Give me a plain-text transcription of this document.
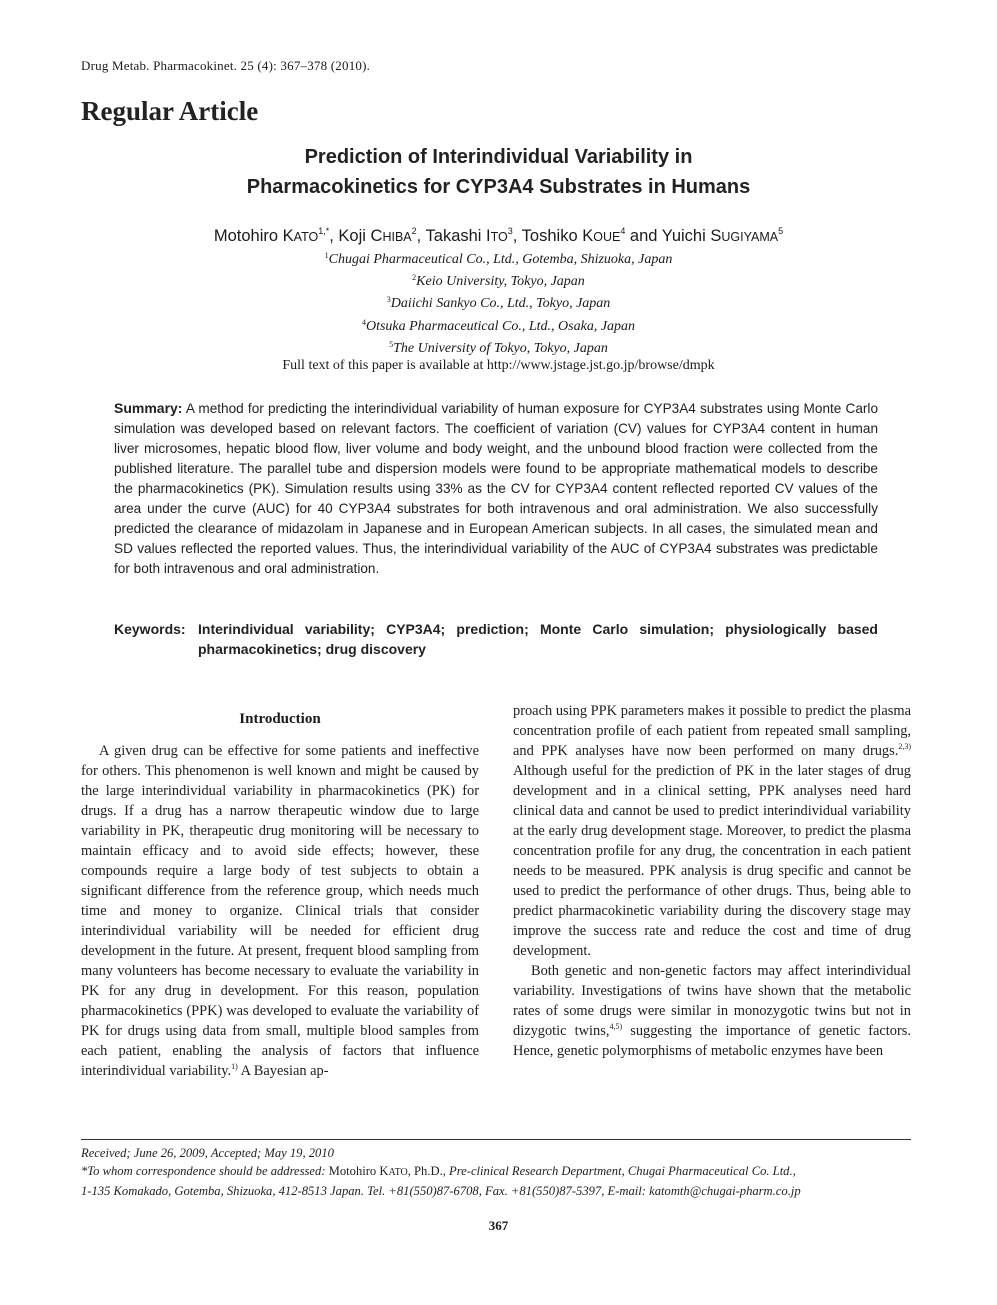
Drug Metab. Pharmacokinet. 25 (4): 367–378 (2010).
Regular Article
Prediction of Interindividual Variability in
Pharmacokinetics for CYP3A4 Substrates in Humans
Motohiro $KATO^{1,*}$, Koji CHIBA$^2$, Takashi ITO$^3$, Toshiko KOUE$^4$ and Yuichi SUGIYAMA$^5$
$^1$Chugai Pharmaceutical Co., Ltd., Gotemba, Shizuoka, Japan
$^2$Keio University, Tokyo, Japan
$^3$Daiichi Sankyo Co., Ltd., Tokyo, Japan
$^4$Otsuka Pharmaceutical Co., Ltd., Osaka, Japan
$^5$The University of Tokyo, Tokyo, Japan
Full text of this paper is available at http://www.jstage.jst.go.jp/browse/dmpk
Summary: A method for predicting the interindividual variability of human exposure for CYP3A4 substrates using Monte Carlo simulation was developed based on relevant factors. The coefficient of variation (CV) values for CYP3A4 content in human liver microsomes, hepatic blood flow, liver volume and body weight, and the unbound blood fraction were collected from the published literature. The parallel tube and dispersion models were found to be appropriate mathematical models to describe the pharmacokinetics (PK). Simulation results using 33% as the CV for CYP3A4 content reflected reported CV values of the area under the curve (AUC) for 40 CYP3A4 substrates for both intravenous and oral administration. We also successfully predicted the clearance of midazolam in Japanese and in European American subjects. In all cases, the simulated mean and SD values reflected the reported values. Thus, the interindividual variability of the AUC of CYP3A4 substrates was predictable for both intravenous and oral administration.
Keywords: Interindividual variability; CYP3A4; prediction; Monte Carlo simulation; physiologically based pharmacokinetics; drug discovery
Introduction

A given drug can be effective for some patients and ineffective for others. This phenomenon is well known and might be caused by the large interindividual variability in pharmacokinetics (PK) for drugs. If a drug has a narrow therapeutic window due to large variability in PK, therapeutic drug monitoring will be necessary to maintain efficacy and to avoid side effects; however, these compounds require a large body of test subjects to obtain a significant difference from the reference group, which needs much time and money to organize. Clinical trials that consider interindividual variability will be needed for efficient drug development in the future. At present, frequent blood sampling from many volunteers has become necessary to evaluate the variability in PK for any drug in development. For this reason, population pharmacokinetics (PPK) was developed to evaluate the variability of PK for drugs using data from small, multiple blood samples from each patient, enabling the analysis of factors that influence interindividual variability.$^{1)}$ A Bayesian ap-

proach using PPK parameters makes it possible to predict the plasma concentration profile of each patient from repeated small sampling, and PPK analyses have now been performed on many drugs.$^{2,3)}$ Although useful for the prediction of PK in the later stages of drug development and in a clinical setting, PPK analyses need hard clinical data and cannot be used to predict interindividual variability at the early drug development stage. Moreover, to predict the plasma concentration profile for any drug, the concentration in each patient needs to be measured. PPK analysis is drug specific and cannot be used to predict the performance of other drugs. Thus, being able to predict pharmacokinetic variability during the discovery stage may improve the success rate and reduce the cost and time of drug development.

Both genetic and non-genetic factors may affect interindividual variability. Investigations of twins have shown that the metabolic rates of some drugs were similar in monozygotic twins but not in dizygotic twins,$^{4,5)}$ suggesting the importance of genetic factors. Hence, genetic polymorphisms of metabolic enzymes have been

Received; June 26, 2009, Accepted; May 19, 2010
*To whom correspondence should be addressed: Motohiro KATO, Ph.D., Pre-clinical Research Department, Chugai Pharmaceutical Co. Ltd.,
1-135 Komakado, Gotemba, Shizuoka, 412-8513 Japan. Tel. +81(550)87-6708, Fax. +81(550)87-5397, E-mail: katomth@chugai-pharm.co.jp
367
